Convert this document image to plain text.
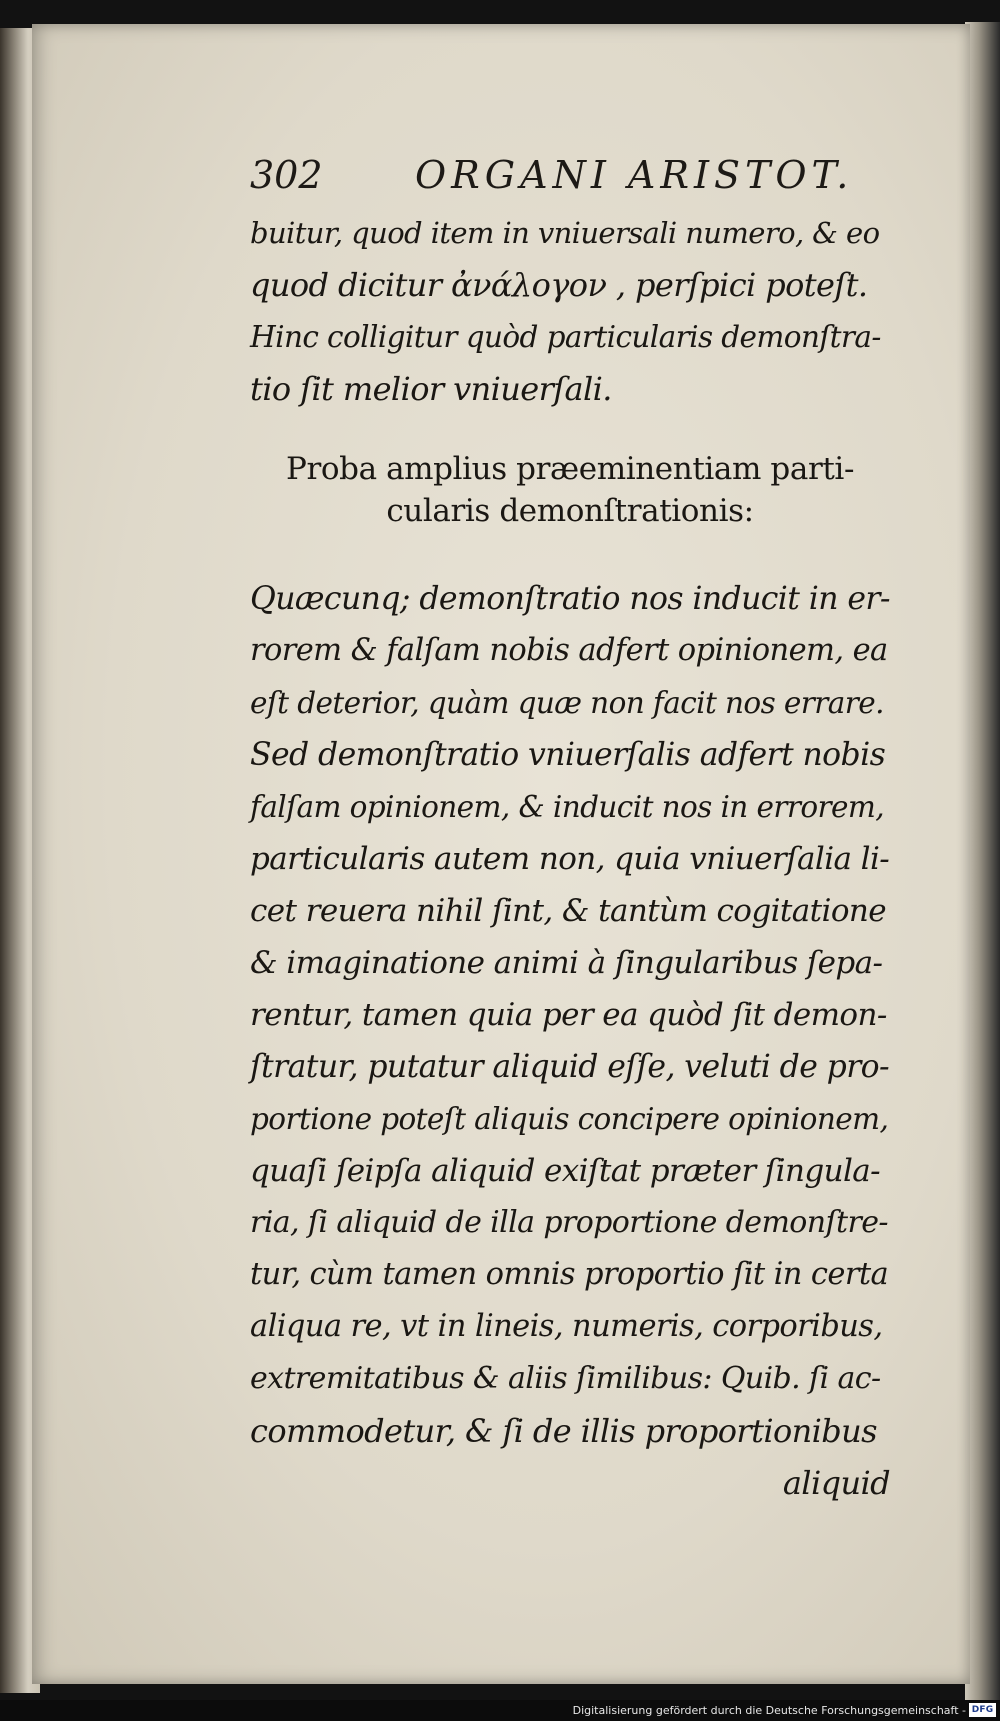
302 ORGANI ARISTOT.
buitur, quod item in vniuersali numero, & eo
quod dicitur ἀνάλογον , perſpici poteſt.
Hinc colligitur quòd particularis demonſtra-
tio ſit melior vniuerſali.
Proba amplius præeminentiam parti-
cularis demonſtrationis:
Quæcunq; demonſtratio nos inducit in er-
rorem & falſam nobis adfert opinionem, ea
eſt deterior, quàm quæ non facit nos errare.
Sed demonſtratio vniuerſalis adfert nobis
falſam opinionem, & inducit nos in errorem,
particularis autem non, quia vniuerſalia li-
cet reuera nihil ſint, & tantùm cogitatione
& imaginatione animi à ſingularibus ſepa-
rentur, tamen quia per ea quòd ſit demon-
ſtratur, putatur aliquid eſſe, veluti de pro-
portione poteſt aliquis concipere opinionem,
quaſi ſeipſa aliquid exiſtat præter ſingula-
ria, ſi aliquid de illa proportione demonſtre-
tur, cùm tamen omnis proportio ſit in certa
aliqua re, vt in lineis, numeris, corporibus,
extremitatibus & aliis ſimilibus: Quib. ſi ac-
commodetur, & ſi de illis proportionibus
aliquid
Digitalisierung gefördert durch die Deutsche Forschungsgemeinschaft - DFG
